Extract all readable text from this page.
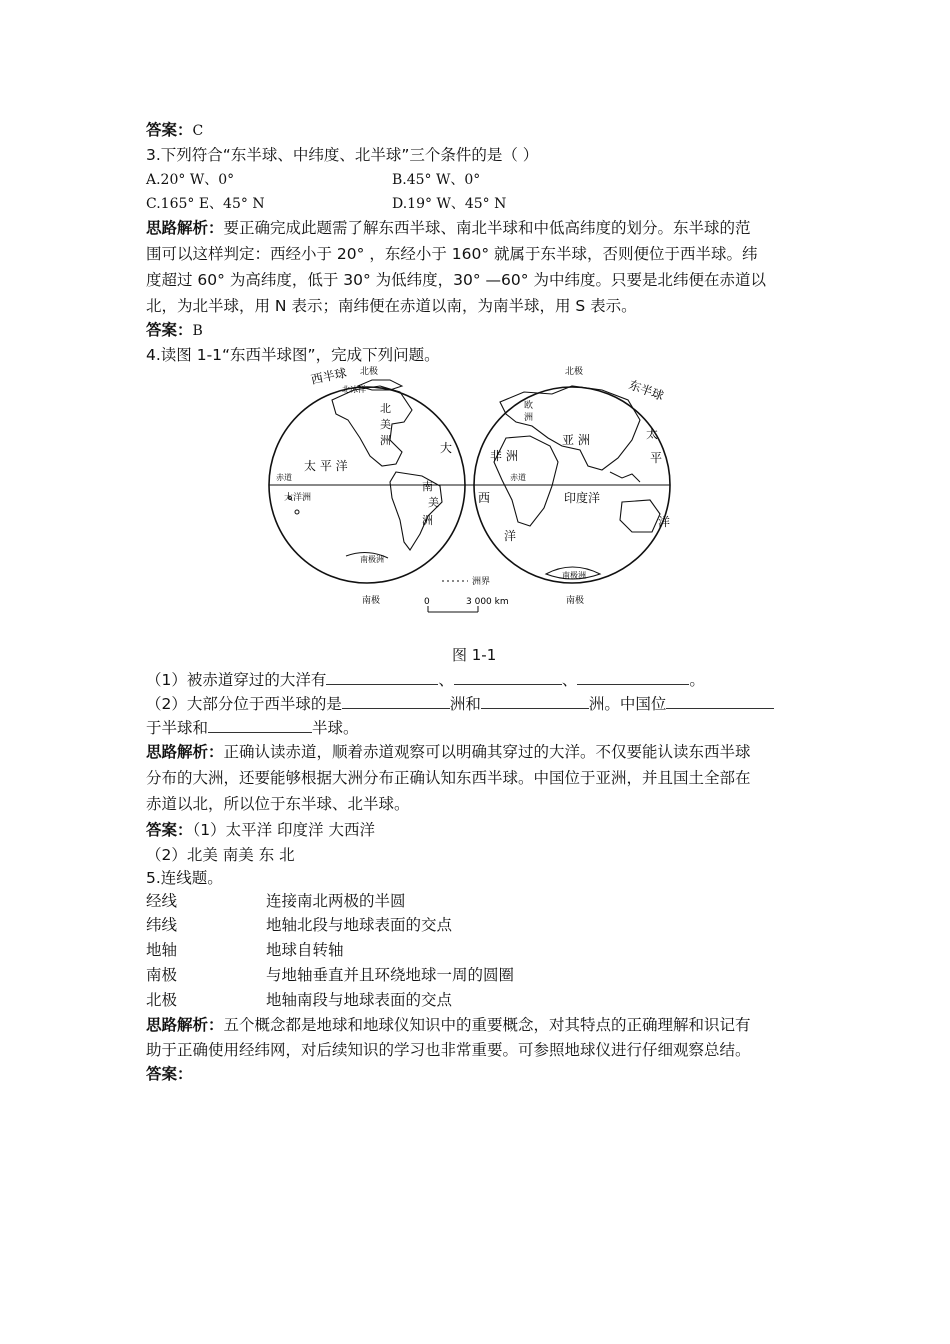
答案：C
3.下列符合“东半球、中纬度、北半球”三个条件的是（ ）
A.20° W、0°	B.45° W、0°
C.165° E、45° N	D.19° W、45° N
思路解析：要正确完成此题需了解东西半球、南北半球和中低高纬度的划分。东半球的范
围可以这样判定：西经小于 20° ，东经小于 160° 就属于东半球，否则便位于西半球。纬
度超过 60° 为高纬度，低于 30° 为低纬度，30° —60° 为中纬度。只要是北纬便在赤道以
北，为北半球，用 N 表示；南纬便在赤道以南，为南半球，用 S 表示。
答案：B
4.读图 1-1“东西半球图”，完成下列问题。
西半球 北极
北冰洋
北
美
洲
大
太 平 洋
赤道
大洋洲
南
美
洲
南极洲
南极
北极
东半球
欧
洲
亚 洲	太
平
洋
非 洲
赤道
西
洋
印度洋
南极洲
南极
洲界
0	3 000 km
图 1-1
（1）被赤道穿过的大洋有	、	、	。
（2）大部分位于西半球的是	洲和	洲。中国位
于半球和	半球。
思路解析：正确认读赤道，顺着赤道观察可以明确其穿过的大洋。不仅要能认读东西半球
分布的大洲，还要能够根据大洲分布正确认知东西半球。中国位于亚洲，并且国土全部在
赤道以北，所以位于东半球、北半球。
答案：（1）太平洋 印度洋 大西洋
（2）北美 南美 东 北
5.连线题。
经线	连接南北两极的半圆
纬线	地轴北段与地球表面的交点
地轴	地球自转轴
南极	与地轴垂直并且环绕地球一周的圆圈
北极	地轴南段与地球表面的交点
思路解析：五个概念都是地球和地球仪知识中的重要概念，对其特点的正确理解和识记有
助于正确使用经纬网，对后续知识的学习也非常重要。可参照地球仪进行仔细观察总结。
答案：
